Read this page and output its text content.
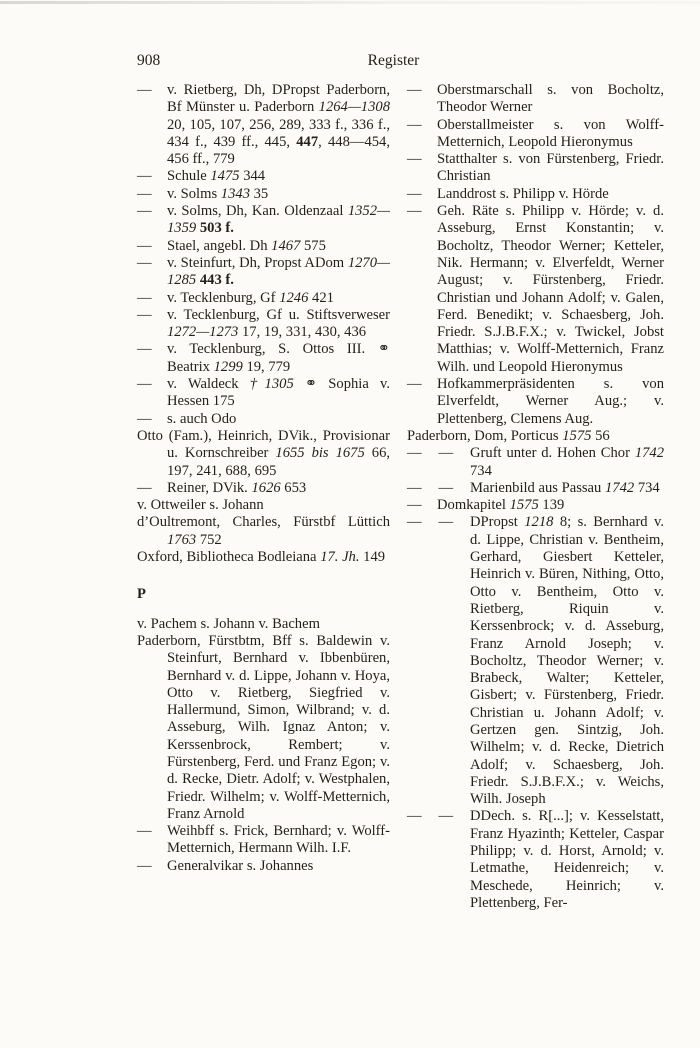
908	Register

— v. Rietberg, Dh, DPropst Paderborn, Bf Münster u. Paderborn 1264—1308 20, 105, 107, 256, 289, 333 f., 336 f., 434 f., 439 ff., 445, 447, 448—454, 456 ff., 779

— Schule 1475 344

— v. Solms 1343 35

— v. Solms, Dh, Kan. Oldenzaal 1352—1359 503 f.

— Stael, angebl. Dh 1467 575

— v. Steinfurt, Dh, Propst ADom 1270—1285 443 f.

— v. Tecklenburg, Gf 1246 421

— v. Tecklenburg, Gf u. Stiftsverweser 1272—1273 17, 19, 331, 430, 436

— v. Tecklenburg, S. Ottos III. ⚭ Beatrix 1299 19, 779

— v. Waldeck †1305 ⚭ Sophia v. Hessen 175

— s. auch Odo

Otto (Fam.), Heinrich, DVik., Provisionar u. Kornschreiber 1655 bis 1675 66, 197, 241, 688, 695

— Reiner, DVik. 1626 653

v. Ottweiler s. Johann

d’Oultremont, Charles, Fürstbf Lüttich 1763 752

Oxford, Bibliotheca Bodleiana 17. Jh. 149

P

v. Pachem s. Johann v. Bachem

Paderborn, Fürstbtm, Bff s. Baldewin v. Steinfurt, Bernhard v. Ibbenbüren, Bernhard v. d. Lippe, Johann v. Hoya, Otto v. Rietberg, Siegfried v. Hallermund, Simon, Wilbrand; v. d. Asseburg, Wilh. Ignaz Anton; v. Kerssenbrock, Rembert; v. Fürstenberg, Ferd. und Franz Egon; v. d. Recke, Dietr. Adolf; v. Westphalen, Friedr. Wilhelm; v. Wolff-Metternich, Franz Arnold

— Weihbff s. Frick, Bernhard; v. Wolff-Metternich, Hermann Wilh. I.F.

— Generalvikar s. Johannes

— Oberstmarschall s. von Bocholtz, Theodor Werner

— Oberstallmeister s. von Wolff-Metternich, Leopold Hieronymus

— Statthalter s. von Fürstenberg, Friedr. Christian

— Landdrost s. Philipp v. Hörde

— Geh. Räte s. Philipp v. Hörde; v. d. Asseburg, Ernst Konstantin; v. Bocholtz, Theodor Werner; Ketteler, Nik. Hermann; v. Elverfeldt, Werner August; v. Fürstenberg, Friedr. Christian und Johann Adolf; v. Galen, Ferd. Benedikt; v. Schaesberg, Joh. Friedr. S.J.B.F.X.; v. Twickel, Jobst Matthias; v. Wolff-Metternich, Franz Wilh. und Leopold Hieronymus

— Hofkammerpräsidenten s. von Elverfeldt, Werner Aug.; v. Plettenberg, Clemens Aug.

Paderborn, Dom, Porticus 1575 56

— — Gruft unter d. Hohen Chor 1742 734

— — Marienbild aus Passau 1742 734

— Domkapitel 1575 139

— — DPropst 1218 8; s. Bernhard v. d. Lippe, Christian v. Bentheim, Gerhard, Giesbert Ketteler, Heinrich v. Büren, Nithing, Otto, Otto v. Bentheim, Otto v. Rietberg, Riquin v. Kerssenbrock; v. d. Asseburg, Franz Arnold Joseph; v. Bocholtz, Theodor Werner; v. Brabeck, Walter; Ketteler, Gisbert; v. Fürstenberg, Friedr. Christian u. Johann Adolf; v. Gertzen gen. Sintzig, Joh. Wilhelm; v. d. Recke, Dietrich Adolf; v. Schaesberg, Joh. Friedr. S.J.B.F.X.; v. Weichs, Wilh. Joseph

— — DDech. s. R[...]; v. Kesselstatt, Franz Hyazinth; Ketteler, Caspar Philipp; v. d. Horst, Arnold; v. Letmathe, Heidenreich; v. Meschede, Heinrich; v. Plettenberg, Fer-
